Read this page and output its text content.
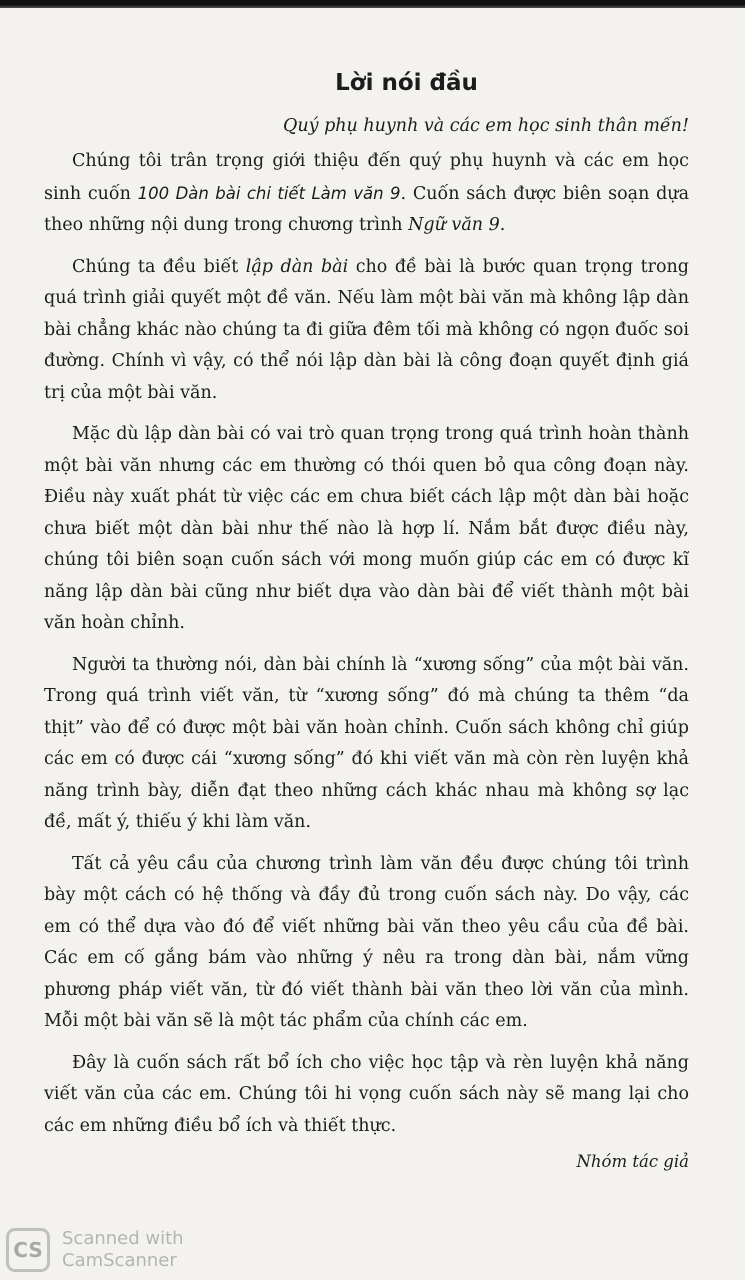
Lời nói đầu

Quý phụ huynh và các em học sinh thân mến!

Chúng tôi trân trọng giới thiệu đến quý phụ huynh và các em học sinh cuốn 100 Dàn bài chi tiết Làm văn 9. Cuốn sách được biên soạn dựa theo những nội dung trong chương trình Ngữ văn 9.

Chúng ta đều biết lập dàn bài cho đề bài là bước quan trọng trong quá trình giải quyết một đề văn. Nếu làm một bài văn mà không lập dàn bài chẳng khác nào chúng ta đi giữa đêm tối mà không có ngọn đuốc soi đường. Chính vì vậy, có thể nói lập dàn bài là công đoạn quyết định giá trị của một bài văn.

Mặc dù lập dàn bài có vai trò quan trọng trong quá trình hoàn thành một bài văn nhưng các em thường có thói quen bỏ qua công đoạn này. Điều này xuất phát từ việc các em chưa biết cách lập một dàn bài hoặc chưa biết một dàn bài như thế nào là hợp lí. Nắm bắt được điều này, chúng tôi biên soạn cuốn sách với mong muốn giúp các em có được kĩ năng lập dàn bài cũng như biết dựa vào dàn bài để viết thành một bài văn hoàn chỉnh.

Người ta thường nói, dàn bài chính là “xương sống” của một bài văn. Trong quá trình viết văn, từ “xương sống” đó mà chúng ta thêm “da thịt” vào để có được một bài văn hoàn chỉnh. Cuốn sách không chỉ giúp các em có được cái “xương sống” đó khi viết văn mà còn rèn luyện khả năng trình bày, diễn đạt theo những cách khác nhau mà không sợ lạc đề, mất ý, thiếu ý khi làm văn.

Tất cả yêu cầu của chương trình làm văn đều được chúng tôi trình bày một cách có hệ thống và đầy đủ trong cuốn sách này. Do vậy, các em có thể dựa vào đó để viết những bài văn theo yêu cầu của đề bài. Các em cố gắng bám vào những ý nêu ra trong dàn bài, nắm vững phương pháp viết văn, từ đó viết thành bài văn theo lời văn của mình. Mỗi một bài văn sẽ là một tác phẩm của chính các em.

Đây là cuốn sách rất bổ ích cho việc học tập và rèn luyện khả năng viết văn của các em. Chúng tôi hi vọng cuốn sách này sẽ mang lại cho các em những điều bổ ích và thiết thực.

Nhóm tác giả
CS	Scanned with
CamScanner
